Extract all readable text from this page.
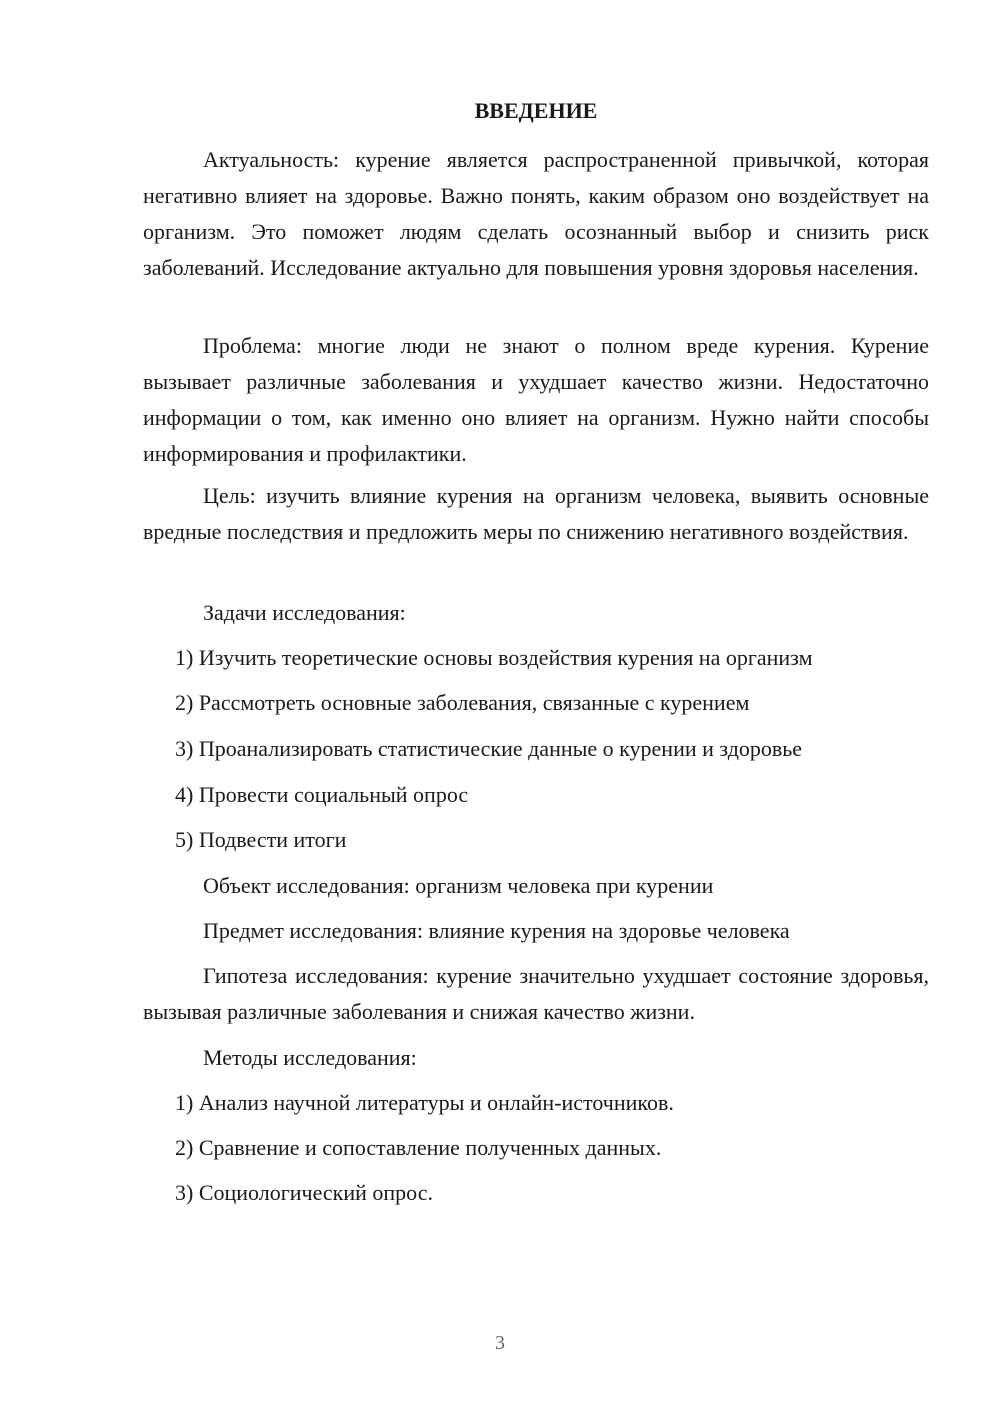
ВВЕДЕНИЕ

Актуальность: курение является распространенной привычкой, которая негативно влияет на здоровье. Важно понять, каким образом оно воздействует на организм. Это поможет людям сделать осознанный выбор и снизить риск заболеваний. Исследование актуально для повышения уровня здоровья населения.

Проблема: многие люди не знают о полном вреде курения. Курение вызывает различные заболевания и ухудшает качество жизни. Недостаточно информации о том, как именно оно влияет на организм. Нужно найти способы информирования и профилактики.

Цель: изучить влияние курения на организм человека, выявить основные вредные последствия и предложить меры по снижению негативного воздействия.

Задачи исследования:

1) Изучить теоретические основы воздействия курения на организм

2) Рассмотреть основные заболевания, связанные с курением

3) Проанализировать статистические данные о курении и здоровье

4) Провести социальный опрос

5) Подвести итоги

Объект исследования: организм человека при курении

Предмет исследования: влияние курения на здоровье человека

Гипотеза исследования: курение значительно ухудшает состояние здоровья, вызывая различные заболевания и снижая качество жизни.

Методы исследования:

1) Анализ научной литературы и онлайн-источников.

2) Сравнение и сопоставление полученных данных.

3) Социологический опрос.

3
